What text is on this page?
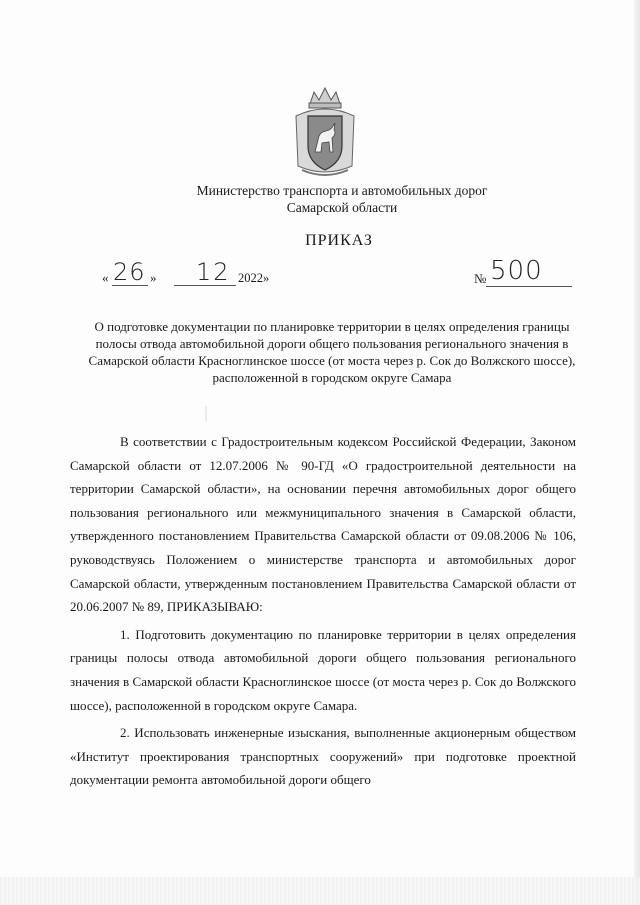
Министерство транспорта и автомобильных дорог
Самарской области
ПРИКАЗ
« 26 » 12 2022»	№ 500
О подготовке документации по планировке территории в целях определения границы полосы отвода автомобильной дороги общего пользования регионального значения в Самарской области Красноглинское шоссе (от моста через р. Сок до Волжского шоссе), расположенной в городском округе Самара

В соответствии с Градостроительным кодексом Российской Федерации, Законом Самарской области от 12.07.2006 № 90-ГД «О градостроительной деятельности на территории Самарской области», на основании перечня автомобильных дорог общего пользования регионального или межмуниципального значения в Самарской области, утвержденного постановлением Правительства Самарской области от 09.08.2006 № 106, руководствуясь Положением о министерстве транспорта и автомобильных дорог Самарской области, утвержденным постановлением Правительства Самарской области от 20.06.2007 № 89, ПРИКАЗЫВАЮ:

1. Подготовить документацию по планировке территории в целях определения границы полосы отвода автомобильной дороги общего пользования регионального значения в Самарской области Красноглинское шоссе (от моста через р. Сок до Волжского шоссе), расположенной в городском округе Самара.

2. Использовать инженерные изыскания, выполненные акционерным обществом «Институт проектирования транспортных сооружений» при подготовке проектной документации ремонта автомобильной дороги общего
